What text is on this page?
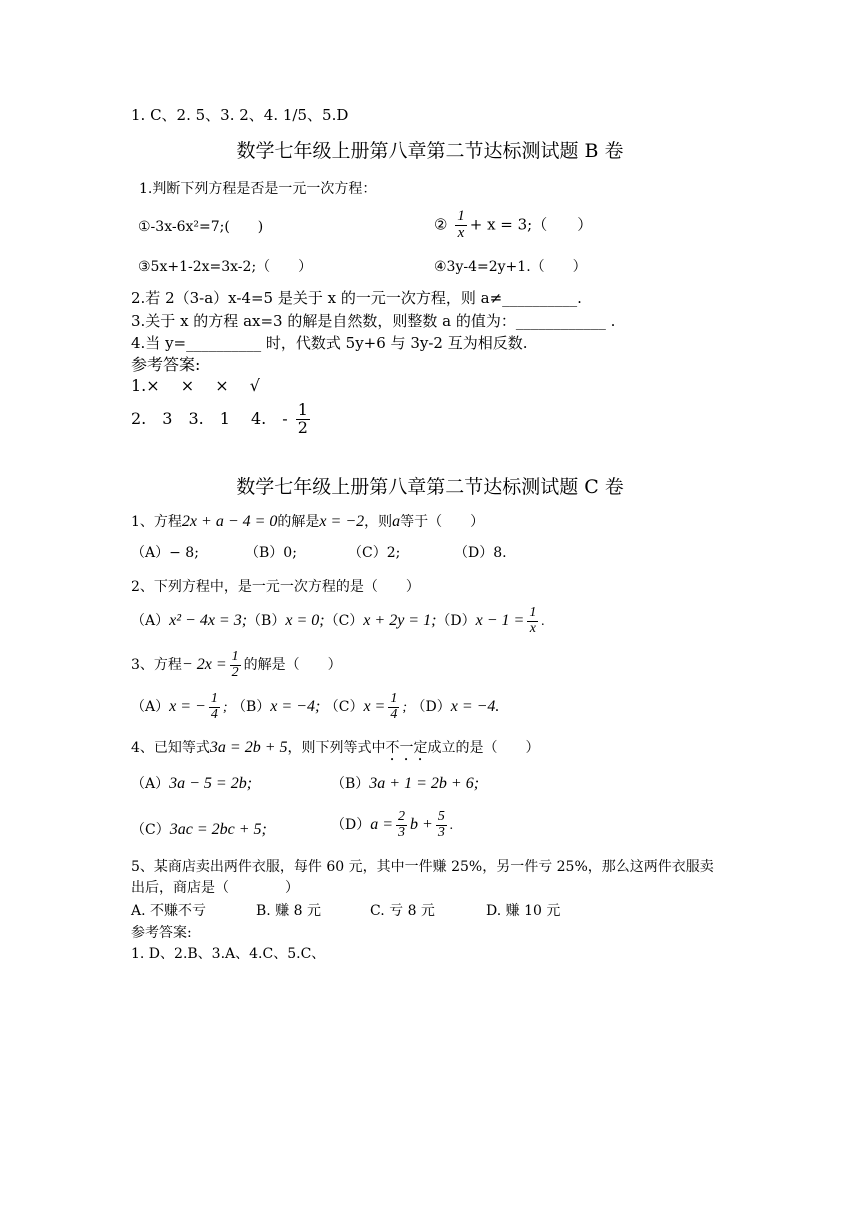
1. C、2. 5、3. 2、4. 1/5、5.D
数学七年级上册第八章第二节达标测试题 B 卷
1.判断下列方程是否是一元一次方程：
①-3x-6x²=7;(　　)	② $\frac{1}{x} + x$ = 3;（　　）
③5x+1-2x=3x-2;（　　）	④3y-4=2y+1.（　　）
2.若 2（3-a）x-4=5 是关于 x 的一元一次方程，则 a≠__________.
3.关于 x 的方程 ax=3 的解是自然数，则整数 a 的值为：____________ .
4.当 y=__________ 时，代数式 5y+6 与 3y-2 互为相反数.
参考答案:
1.×　 ×　 ×　 √
2.　3　3.　1　 4.　- $\frac{1}{2}$
数学七年级上册第八章第二节达标测试题 C 卷
1、方程2x + a − 4 = 0的解是x = −2，则a等于（　　）
（A）− 8;	（B）0;	（C）2;	（D）8.
2、下列方程中，是一元一次方程的是（　　）
（A）x² − 4x = 3;（B）x = 0;（C）x + 2y = 1;（D）x − $1 = \frac{1}{x}$ .
3、方程− $2x = \frac{1}{2}$ 的解是（　　）
（A）x = − $\frac{1}{4}$ ; （B）x = −4; $(C)x = \frac{1}{4}$ ; （D）x = −4.
4、已知等式3a = 2b + 5，则下列等式中不一定成立的是（　　）
（A）3a − 5 = 2b;	（B）3a + 1 = 2b + 6;
（C）3ac = 2bc + 5;	$(D)a = \frac{2}{3}$ $b + \frac{5}{3}$ .
5、某商店卖出两件衣服，每件 60 元，其中一件赚 25%，另一件亏 25%，那么这两件衣服卖
出后，商店是（　　　　）
A. 不赚不亏	B. 赚 8 元	C. 亏 8 元	D. 赚 10 元
参考答案:
1. D、2.B、3.A、4.C、5.C、
